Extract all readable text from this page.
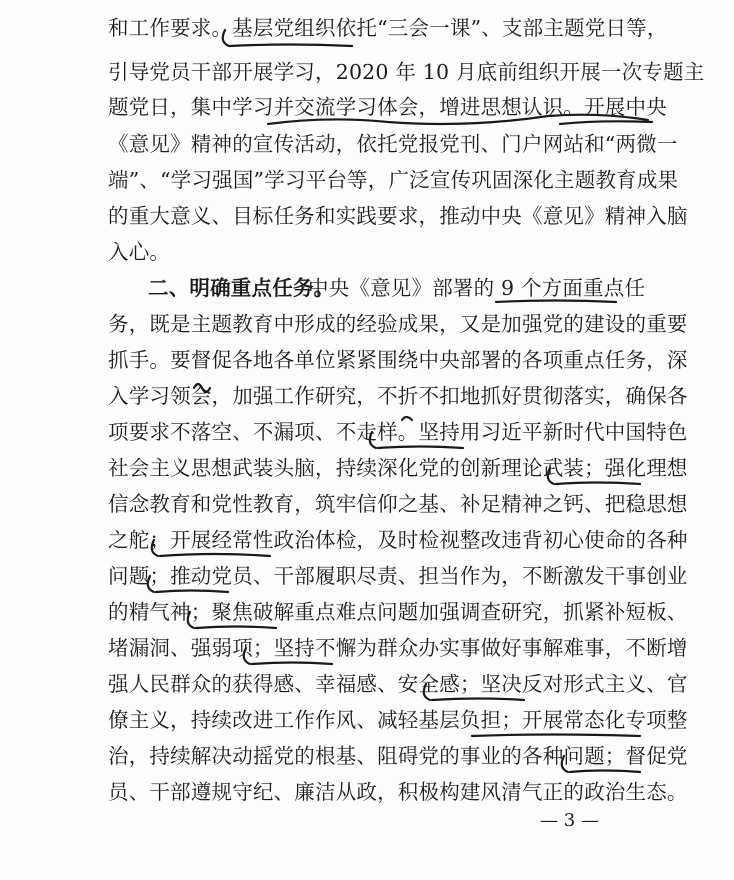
和工作要求。基层党组织依托“三会一课”、支部主题党日等，
引导党员干部开展学习，2020 年 10 月底前组织开展一次专题主
题党日，集中学习并交流学习体会，增进思想认识。开展中央
《意见》精神的宣传活动，依托党报党刊、门户网站和“两微一
端”、“学习强国”学习平台等，广泛宣传巩固深化主题教育成果
的重大意义、目标任务和实践要求，推动中央《意见》精神入脑
入心。
二、明确重点任务。
中央《意见》部署的 9 个方面重点任
务，既是主题教育中形成的经验成果，又是加强党的建设的重要
抓手。要督促各地各单位紧紧围绕中央部署的各项重点任务，深
入学习领会，加强工作研究，不折不扣地抓好贯彻落实，确保各
项要求不落空、不漏项、不走样。坚持用习近平新时代中国特色
社会主义思想武装头脑，持续深化党的创新理论武装；强化理想
信念教育和党性教育，筑牢信仰之基、补足精神之钙、把稳思想
之舵；开展经常性政治体检，及时检视整改违背初心使命的各种
问题；推动党员、干部履职尽责、担当作为，不断激发干事创业
的精气神；聚焦破解重点难点问题加强调查研究，抓紧补短板、
堵漏洞、强弱项；坚持不懈为群众办实事做好事解难事，不断增
强人民群众的获得感、幸福感、安全感；坚决反对形式主义、官
僚主义，持续改进工作作风、减轻基层负担；开展常态化专项整
治，持续解决动摇党的根基、阻碍党的事业的各种问题；督促党
员、干部遵规守纪、廉洁从政，积极构建风清气正的政治生态。
— 3 —
